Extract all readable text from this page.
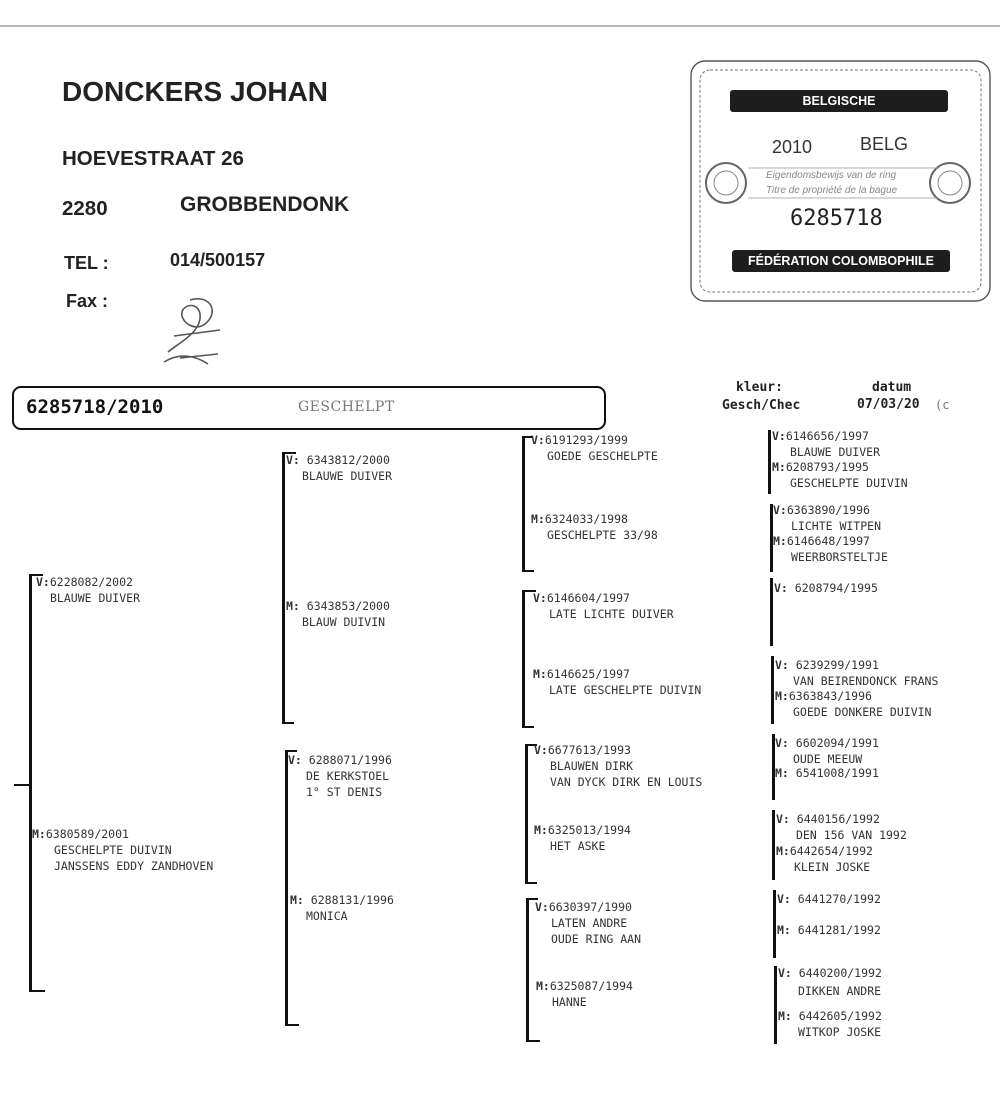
DONCKERS JOHAN
HOEVESTRAAT 26
2280	GROBBENDONK
TEL :	014/500157
Fax :
BELGISCHE DUIVENLIEFHEBBERSBOND
2010	BELG
Eigendomsbewijs van de ring
Titre de propriété de la bague
6285718
FÉDÉRATION COLOMBOPHILE BELGE
kleur:
Gesch/Chec
datum
07/03/20 (c
6285718/2010	GESCHELPT
V:6228082/2002
BLAUWE DUIVER
M:6380589/2001
GESCHELPTE DUIVIN
JANSSENS EDDY ZANDHOVEN
V: 6343812/2000
BLAUWE DUIVER
M: 6343853/2000
BLAUW DUIVIN
V: 6288071/1996
DE KERKSTOEL
1° ST DENIS
M: 6288131/1996
MONICA
V:6191293/1999
GOEDE GESCHELPTE
M:6324033/1998
GESCHELPTE 33/98
V:6146604/1997
LATE LICHTE DUIVER
M:6146625/1997
LATE GESCHELPTE DUIVIN
V:6677613/1993
BLAUWEN DIRK
VAN DYCK DIRK EN LOUIS
M:6325013/1994
HET ASKE
V:6630397/1990
LATEN ANDRE
OUDE RING AAN
M:6325087/1994
HANNE
V:6146656/1997
BLAUWE DUIVER
M:6208793/1995
GESCHELPTE DUIVIN
V:6363890/1996
LICHTE WITPEN
M:6146648/1997
WEERBORSTELTJE
V: 6208794/1995
V: 6239299/1991
VAN BEIRENDONCK FRANS
M:6363843/1996
GOEDE DONKERE DUIVIN
V: 6602094/1991
OUDE MEEUW
M: 6541008/1991
V: 6440156/1992
DEN 156 VAN 1992
M:6442654/1992
KLEIN JOSKE
V: 6441270/1992
M: 6441281/1992
V: 6440200/1992
DIKKEN ANDRE
M: 6442605/1992
WITKOP JOSKE
